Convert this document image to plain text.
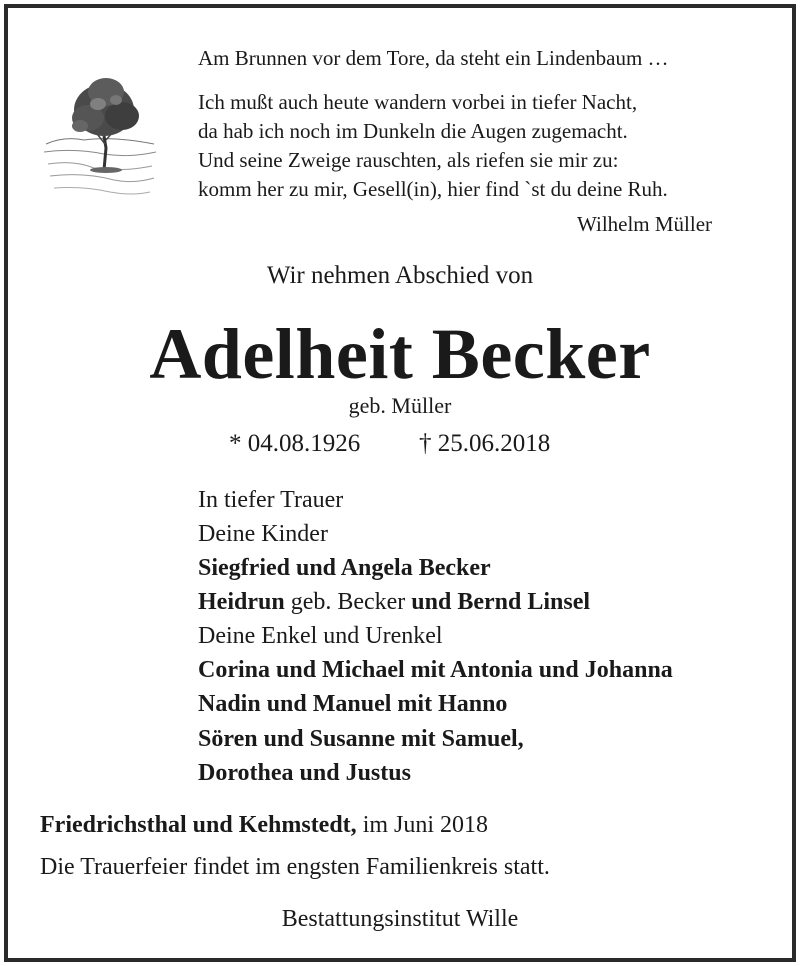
Am Brunnen vor dem Tore, da steht ein Lindenbaum …
Ich mußt auch heute wandern vorbei in tiefer Nacht,
da hab ich noch im Dunkeln die Augen zugemacht.
Und seine Zweige rauschten, als riefen sie mir zu:
komm her zu mir, Gesell(in), hier find `st du deine Ruh.
Wilhelm Müller
Wir nehmen Abschied von
Adelheit Becker
geb. Müller
* 04.08.1926 † 25.06.2018
In tiefer Trauer
Deine Kinder
Siegfried und Angela Becker
Heidrun geb. Becker und Bernd Linsel
Deine Enkel und Urenkel
Corina und Michael mit Antonia und Johanna
Nadin und Manuel mit Hanno
Sören und Susanne mit Samuel,
Dorothea und Justus
Friedrichsthal und Kehmstedt, im Juni 2018
Die Trauerfeier findet im engsten Familienkreis statt.
Bestattungsinstitut Wille
